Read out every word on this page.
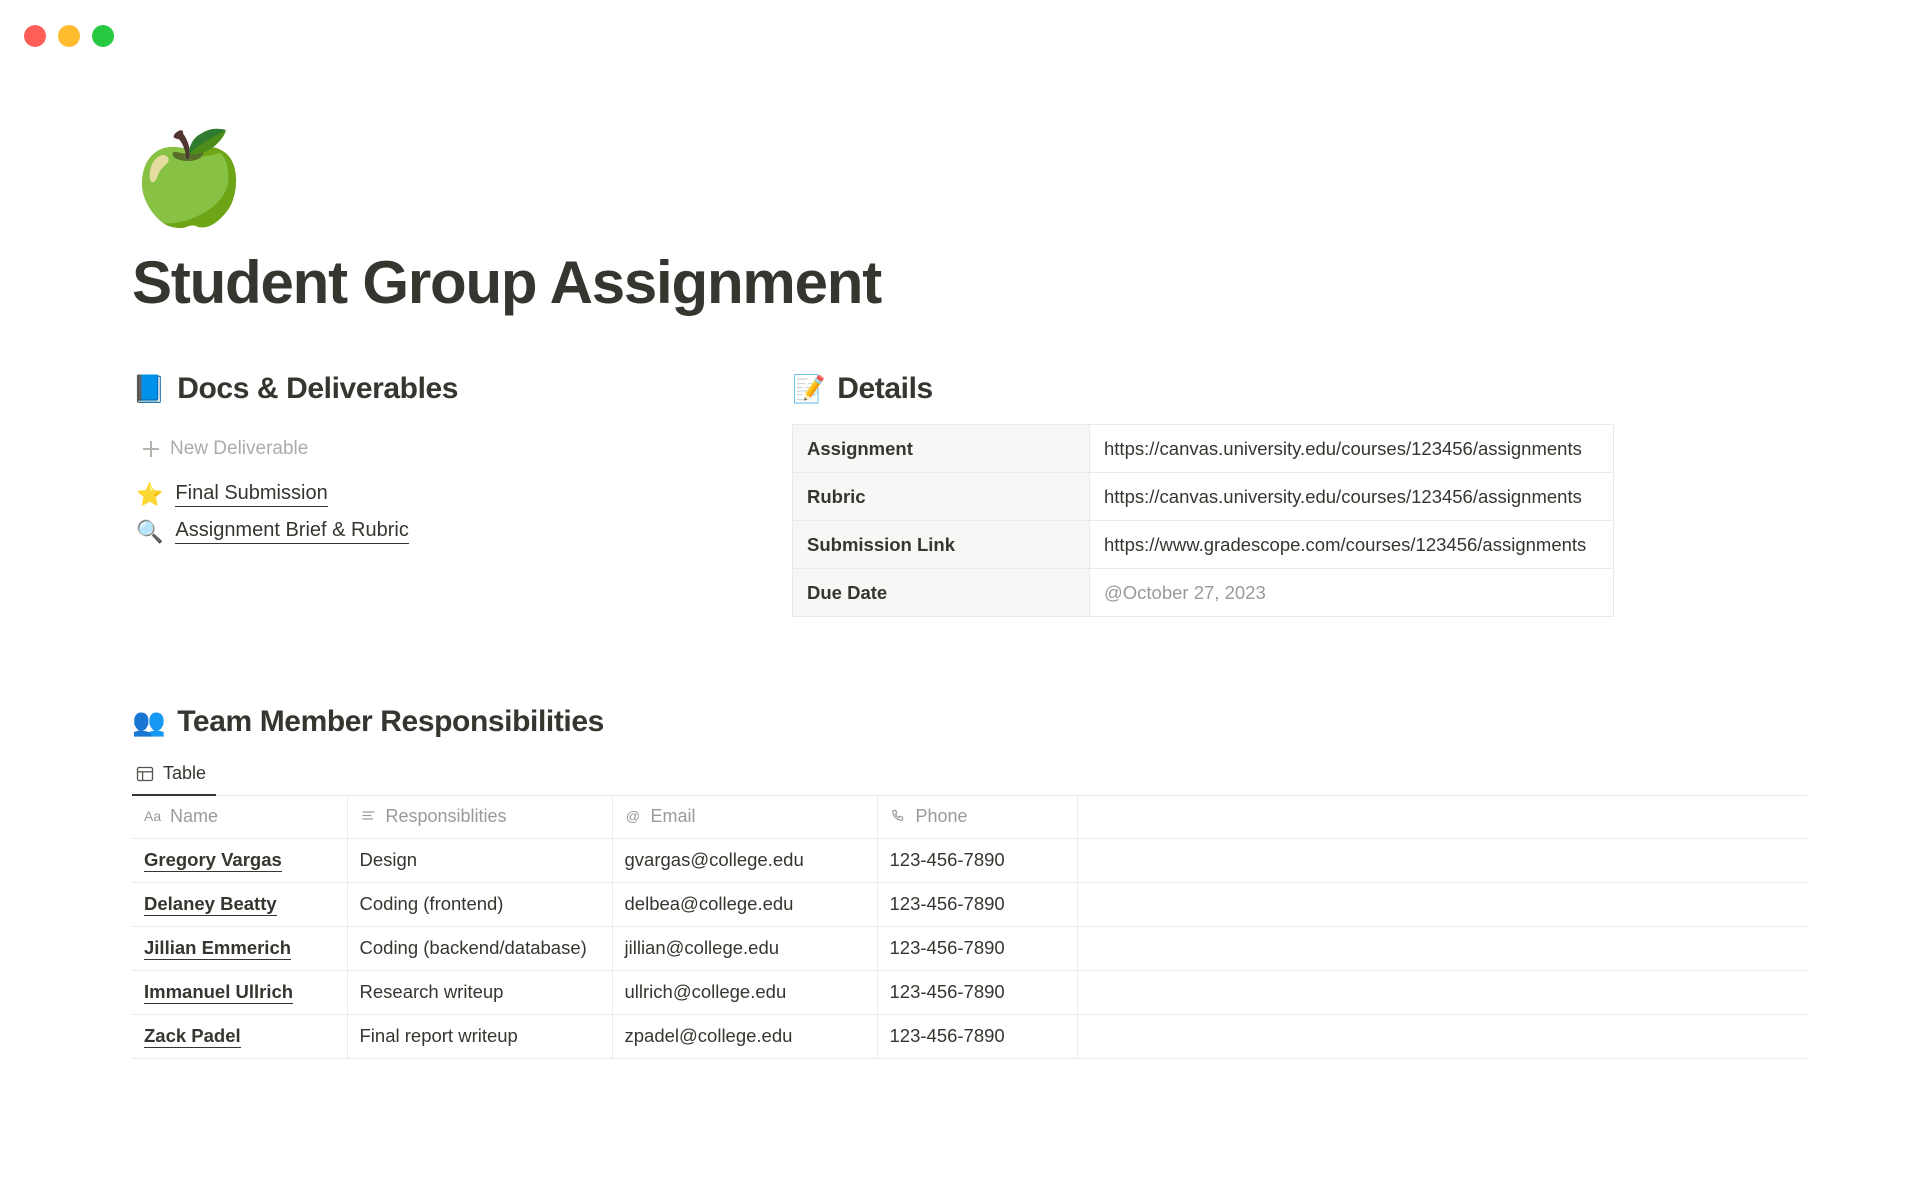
🍏
Student Group Assignment
📘 Docs & Deliverables
New Deliverable
⭐ Final Submission
🔍 Assignment Brief & Rubric
📝 Details
Assignment	https://canvas.university.edu/courses/123456/assignments
Rubric	https://canvas.university.edu/courses/123456/assignments
Submission Link	https://www.gradescope.com/courses/123456/assignments
Due Date	@October 27, 2023
👥 Team Member Responsibilities
Table
Aa Name	Responsiblities	@ Email	Phone	

Gregory Vargas	Design	gvargas@college.edu	123-456-7890	
Delaney Beatty	Coding (frontend)	delbea@college.edu	123-456-7890	
Jillian Emmerich	Coding (backend/database)	jillian@college.edu	123-456-7890	
Immanuel Ullrich	Research writeup	ullrich@college.edu	123-456-7890	
Zack Padel	Final report writeup	zpadel@college.edu	123-456-7890	
